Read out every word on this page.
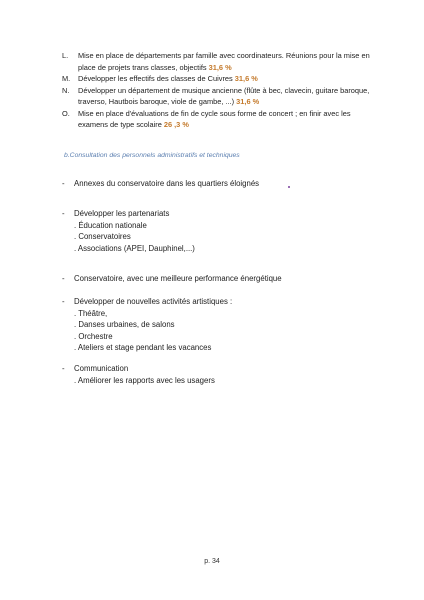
L.	Mise en place de départements par famille avec coordinateurs. Réunions pour la mise en place de projets trans classes, objectifs 31,6 %
M.	Développer les effectifs des classes de Cuivres 31,6 %
N.	Développer un département de musique ancienne (flûte à bec, clavecin, guitare baroque, traverso, Hautbois baroque, viole de gambe, ...) 31,6 %
O.	Mise en place d'évaluations de fin de cycle sous forme de concert ; en finir avec les examens de type scolaire 26 ,3 %
b.Consultation des personnels administratifs et techniques
-	Annexes du conservatoire dans les quartiers éloignés
-	Développer les partenariats
. Éducation nationale
. Conservatoires
. Associations (APEI, Dauphinel,...)
-	Conservatoire, avec une meilleure performance énergétique
-	Développer de nouvelles activités artistiques :
. Théâtre,
. Danses urbaines, de salons
. Orchestre
. Ateliers et stage pendant les vacances
-	Communication
. Améliorer les rapports avec les usagers
p. 34
